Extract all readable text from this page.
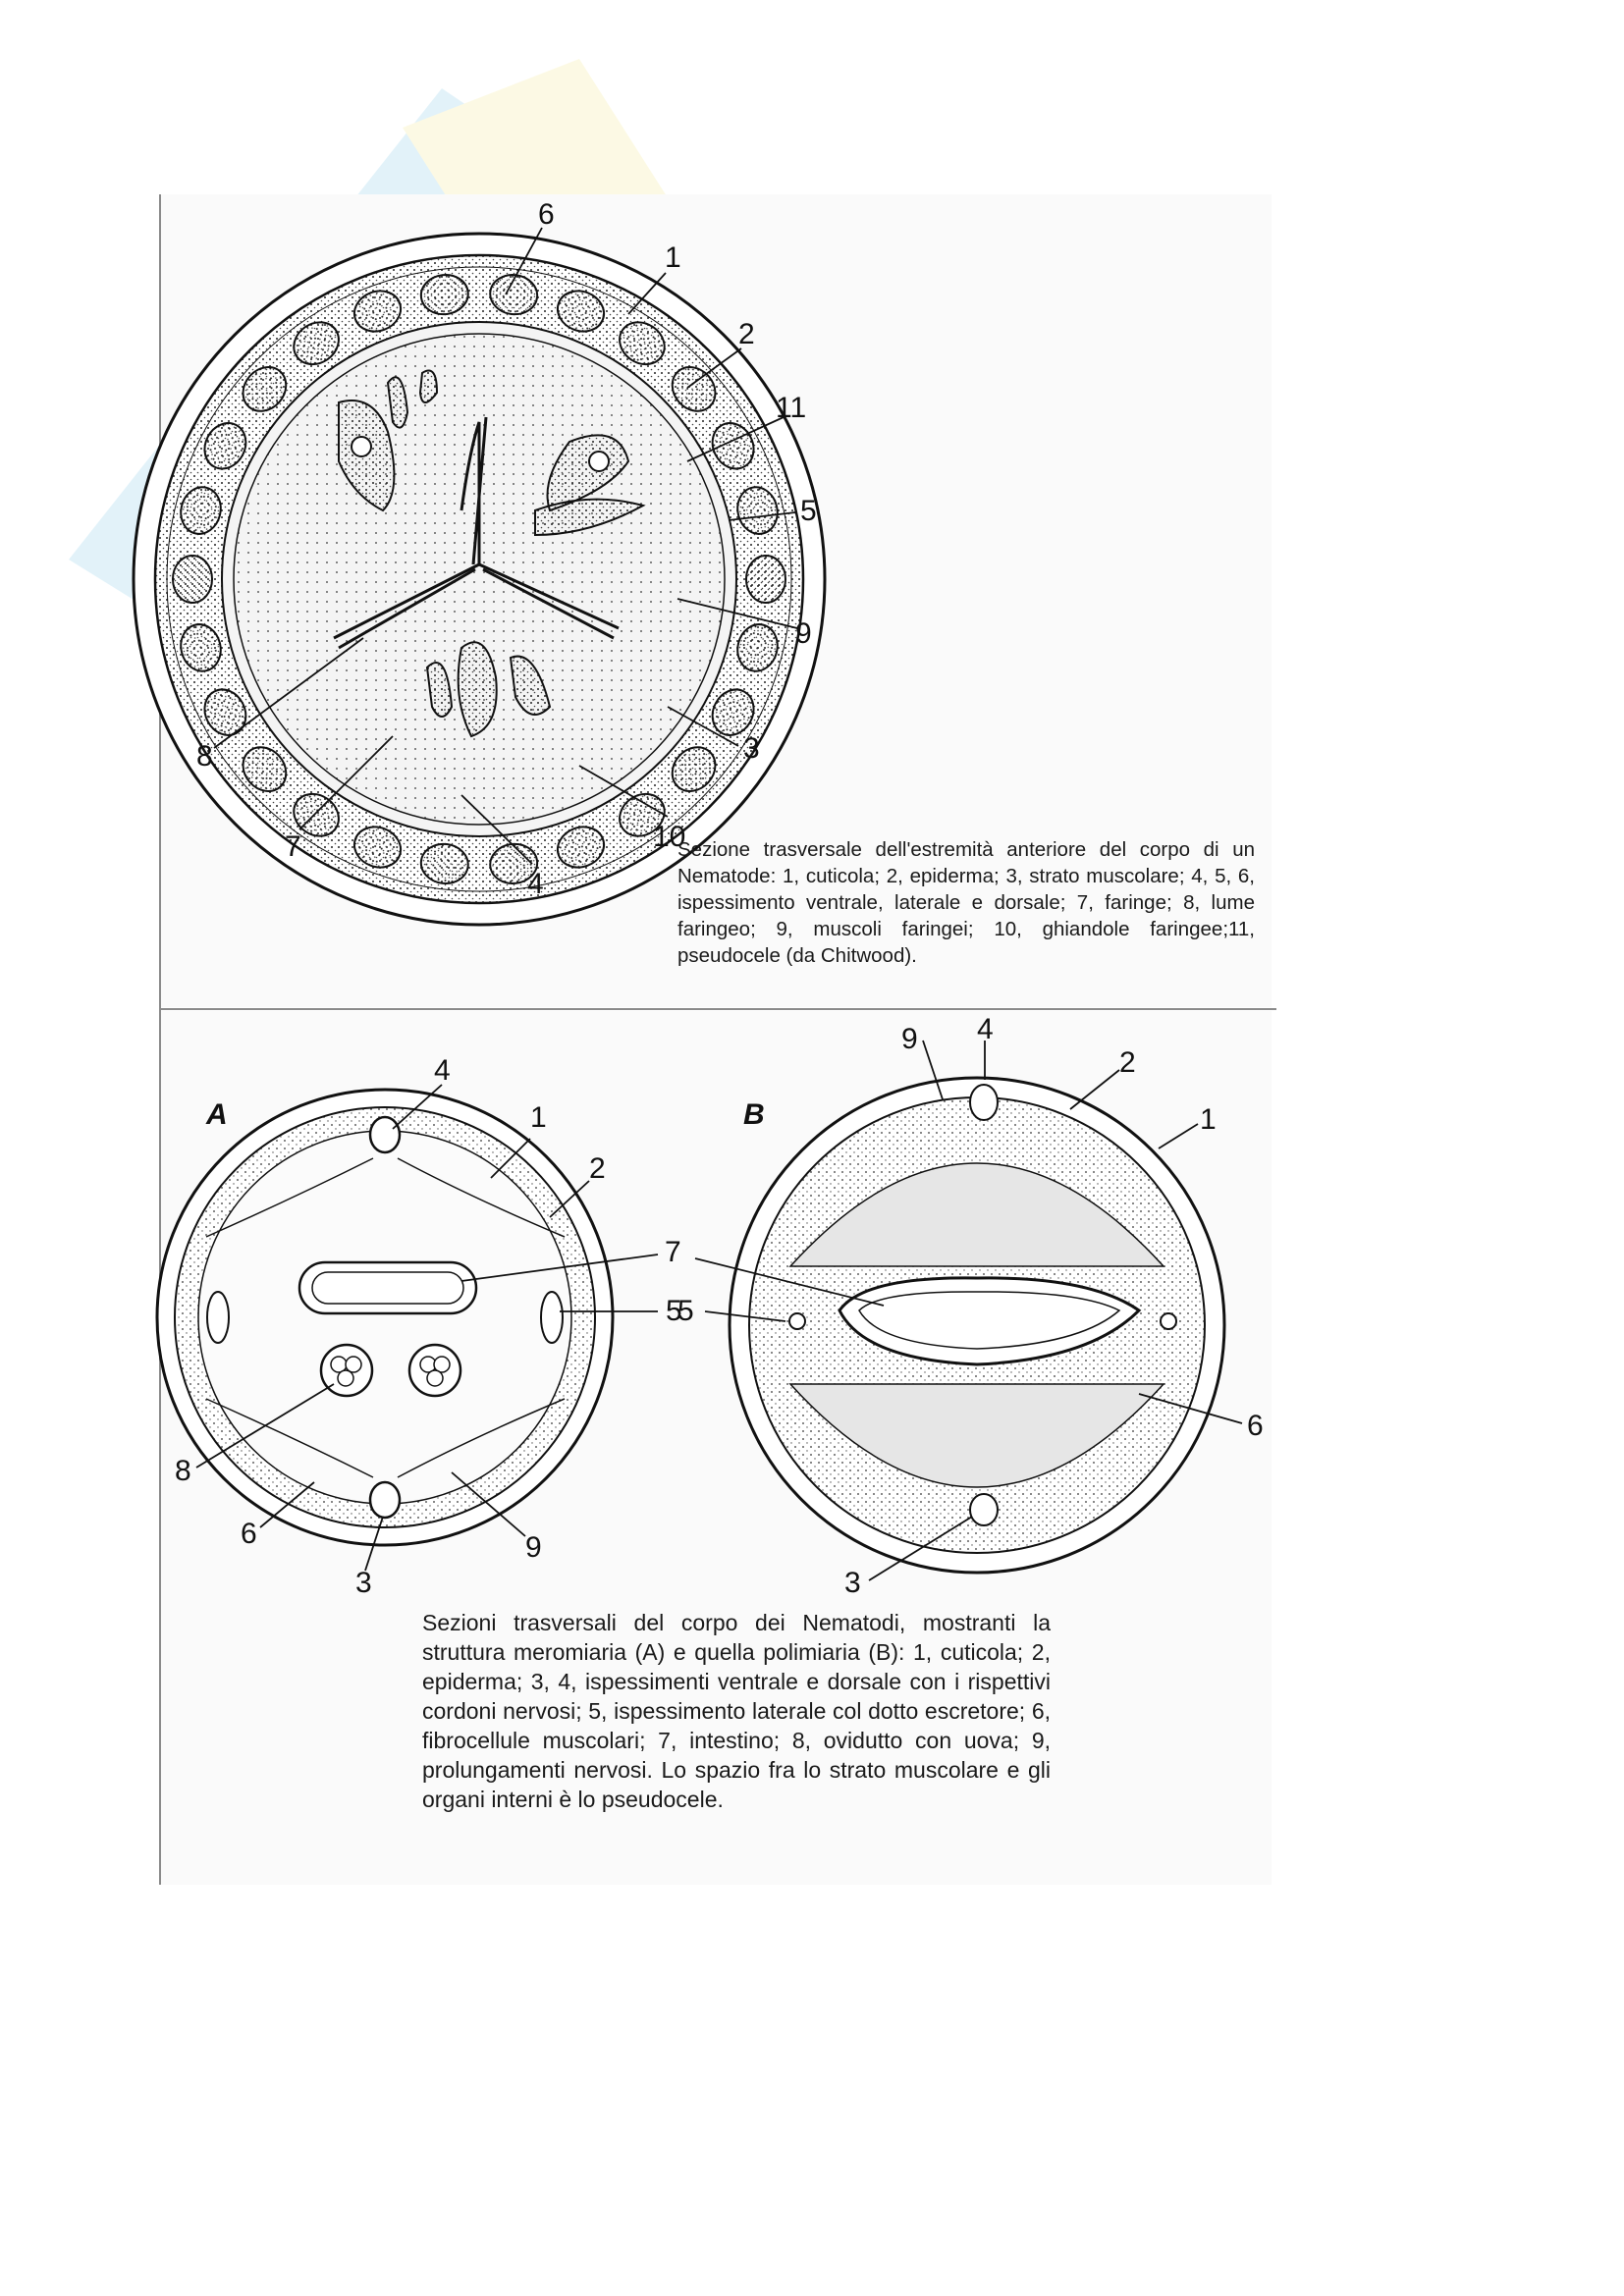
6
1
2
11
5
9
3
10
4
7
8
A	B
4
1
2
7
5
8
6
3
9
9 4
2
1
5
6
3
Sezione trasversale dell'estremità anteriore del corpo di un Nematode: 1, cuticola; 2, epiderma; 3, strato muscolare; 4, 5, 6, ispessimento ventrale, laterale e dorsale; 7, faringe; 8, lume faringeo; 9, muscoli faringei; 10, ghiandole faringee;11, pseudocele (da Chitwood).
Sezioni trasversali del corpo dei Nematodi, mostranti la struttura meromiaria (A) e quella polimiaria (B): 1, cuticola; 2, epiderma; 3, 4, ispessimenti ventrale e dorsale con i rispettivi cordoni nervosi; 5, ispessimento laterale col dotto escretore; 6, fibrocellule muscolari; 7, intestino; 8, ovidutto con uova; 9, prolungamenti nervosi. Lo spazio fra lo strato muscolare e gli organi interni è lo pseudocele.
